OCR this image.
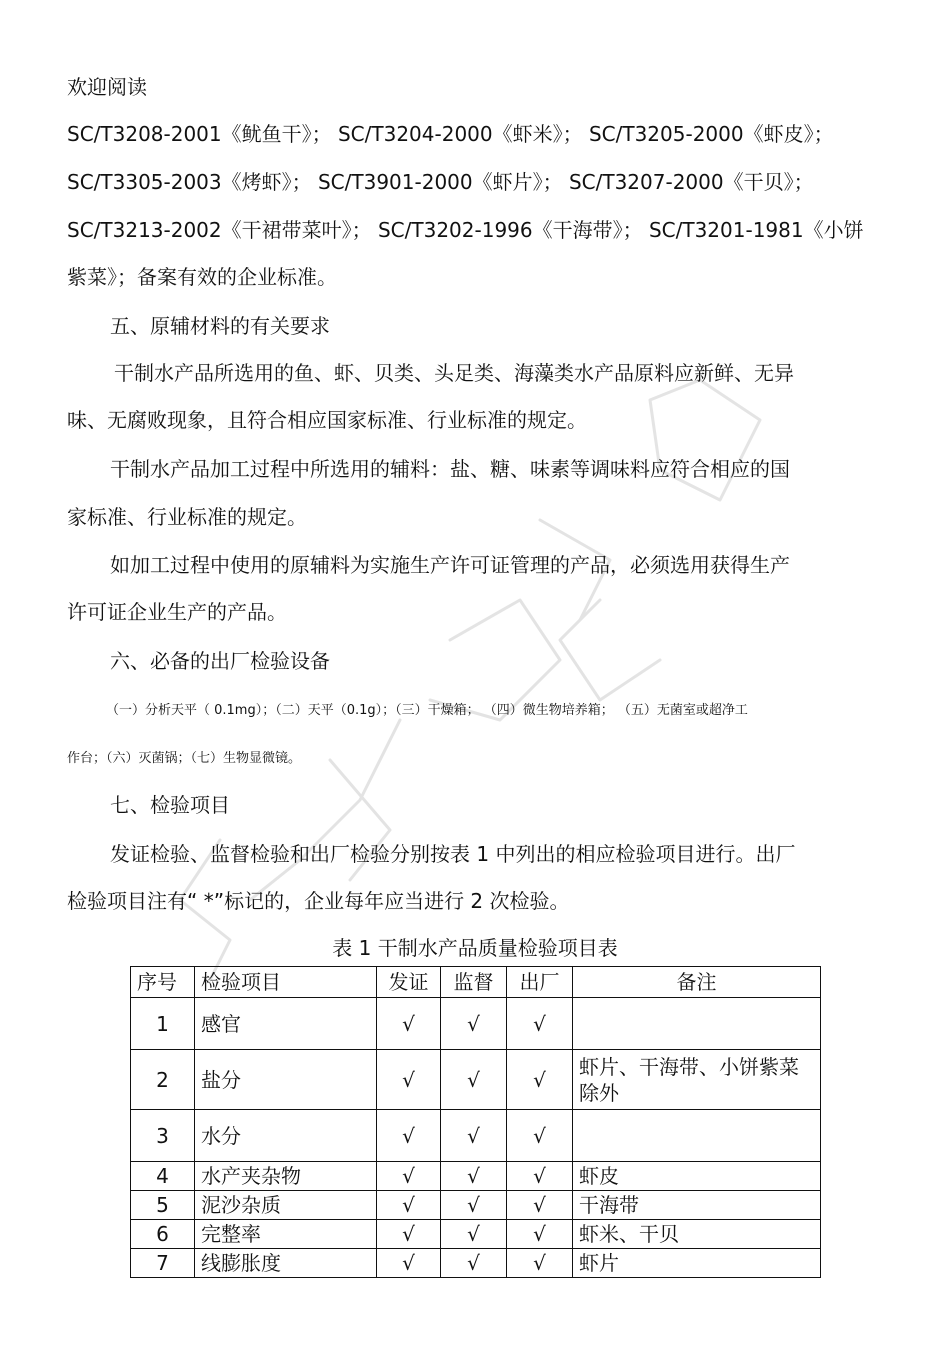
欢迎阅读
SC/T3208-2001《鱿鱼干》； SC/T3204-2000《虾米》； SC/T3205-2000《虾皮》；
SC/T3305-2003《烤虾》； SC/T3901-2000《虾片》； SC/T3207-2000《干贝》；
SC/T3213-2002《干裙带菜叶》； SC/T3202-1996《干海带》； SC/T3201-1981《小饼
紫菜》；备案有效的企业标准。
五、原辅材料的有关要求
干制水产品所选用的鱼、虾、贝类、头足类、海藻类水产品原料应新鲜、无异
味、无腐败现象，且符合相应国家标准、行业标准的规定。
干制水产品加工过程中所选用的辅料：盐、糖、味素等调味料应符合相应的国
家标准、行业标准的规定。
如加工过程中使用的原辅料为实施生产许可证管理的产品，必须选用获得生产
许可证企业生产的产品。
六、必备的出厂检验设备
（一）分析天平（ 0.1mg）；（二）天平（0.1g）；（三）干燥箱； （四）微生物培养箱； （五）无菌室或超净工
作台；（六）灭菌锅；（七）生物显微镜。
七、检验项目
发证检验、监督检验和出厂检验分别按表 1 中列出的相应检验项目进行。出厂
检验项目注有“ *”标记的，企业每年应当进行 2 次检验。
表 1 干制水产品质量检验项目表
序号	检验项目	发证	监督	出厂	备注
1	感官	√	√	√	
2	盐分	√	√	√	虾片、干海带、小饼紫菜除外
3	水分	√	√	√	
4	水产夹杂物	√	√	√	虾皮
5	泥沙杂质	√	√	√	干海带
6	完整率	√	√	√	虾米、干贝
7	线膨胀度	√	√	√	虾片
